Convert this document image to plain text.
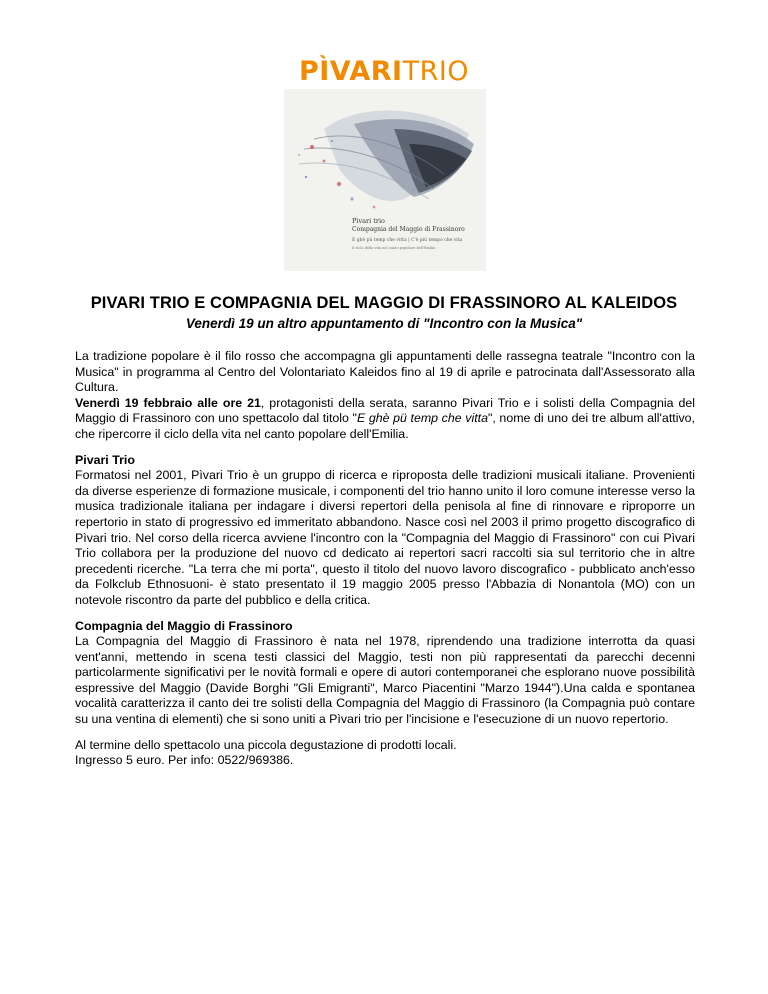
PÌVARITRIO
Pìvari trio
Compagnia del Maggio di Frassinoro
E ghè pü temp che vitta | C'è più tempo che vita
il ciclo della vita nel canto popolare dell'Emilia
PIVARI TRIO E COMPAGNIA DEL MAGGIO DI FRASSINORO AL KALEIDOS
Venerdì 19 un altro appuntamento di "Incontro con la Musica"

La tradizione popolare è il filo rosso che accompagna gli appuntamenti delle rassegna teatrale "Incontro con la Musica" in programma al Centro del Volontariato Kaleidos fino al 19 di aprile e patrocinata dall'Assessorato alla Cultura.
Venerdì 19 febbraio alle ore 21, protagonisti della serata, saranno Pivari Trio e i solisti della Compagnia del Maggio di Frassinoro con uno spettacolo dal titolo "E ghè pü temp che vitta", nome di uno dei tre album all'attivo, che ripercorre il ciclo della vita nel canto popolare dell'Emilia.

Pivari Trio
Formatosi nel 2001, Pìvari Trio è un gruppo di ricerca e riproposta delle tradizioni musicali italiane. Provenienti da diverse esperienze di formazione musicale, i componenti del trio hanno unito il loro comune interesse verso la musica tradizionale italiana per indagare i diversi repertori della penisola al fine di rinnovare e riproporre un repertorio in stato di progressivo ed immeritato abbandono. Nasce così nel 2003 il primo progetto discografico di Pìvari trio. Nel corso della ricerca avviene l'incontro con la "Compagnia del Maggio di Frassinoro" con cui Pìvari Trio collabora per la produzione del nuovo cd dedicato ai repertori sacri raccolti sia sul territorio che in altre precedenti ricerche. "La terra che mi porta", questo il titolo del nuovo lavoro discografico - pubblicato anch'esso da Folkclub Ethnosuoni- è stato presentato il 19 maggio 2005 presso l'Abbazia di Nonantola (MO) con un notevole riscontro da parte del pubblico e della critica.

Compagnia del Maggio di Frassinoro
La Compagnia del Maggio di Frassinoro è nata nel 1978, riprendendo una tradizione interrotta da quasi vent'anni, mettendo in scena testi classici del Maggio, testi non più rappresentati da parecchi decenni particolarmente significativi per le novità formali e opere di autori contemporanei che esplorano nuove possibilità espressive del Maggio (Davide Borghi "Gli Emigranti", Marco Piacentini "Marzo 1944").Una calda e spontanea vocalità caratterizza il canto dei tre solisti della Compagnia del Maggio di Frassinoro (la Compagnia può contare su una ventina di elementi) che si sono uniti a Pìvari trio per l'incisione e l'esecuzione di un nuovo repertorio.

Al termine dello spettacolo una piccola degustazione di prodotti locali.
Ingresso 5 euro. Per info: 0522/969386.
